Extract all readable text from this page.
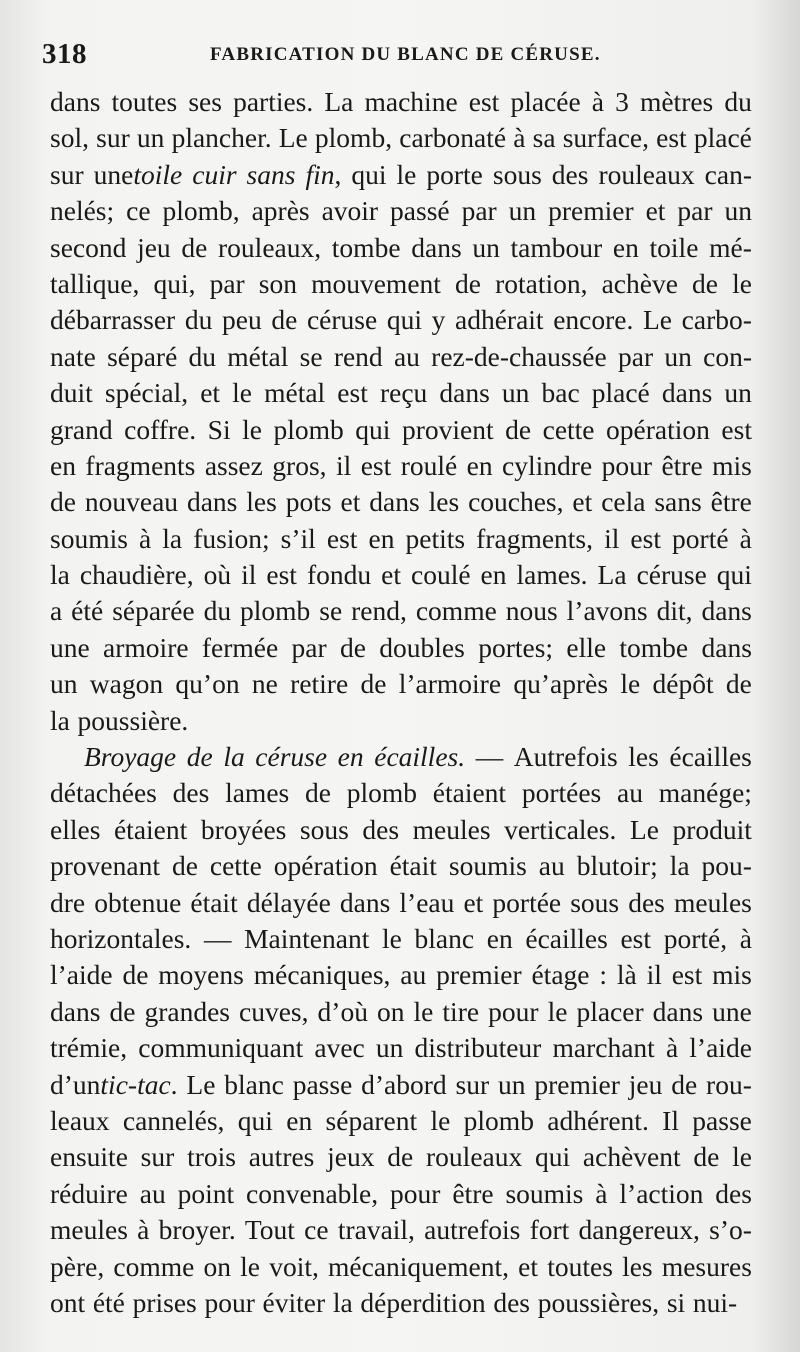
318	FABRICATION DU BLANC DE CÉRUSE.
dans toutes ses parties. La machine est placée à 3 mètres du
sol, sur un plancher. Le plomb, carbonaté à sa surface, est placé
sur unetoile cuir sans fin, qui le porte sous des rouleaux can-
nelés; ce plomb, après avoir passé par un premier et par un
second jeu de rouleaux, tombe dans un tambour en toile mé-
tallique, qui, par son mouvement de rotation, achève de le
débarrasser du peu de céruse qui y adhérait encore. Le carbo-
nate séparé du métal se rend au rez-de-chaussée par un con-
duit spécial, et le métal est reçu dans un bac placé dans un
grand coffre. Si le plomb qui provient de cette opération est
en fragments assez gros, il est roulé en cylindre pour être mis
de nouveau dans les pots et dans les couches, et cela sans être
soumis à la fusion; s’il est en petits fragments, il est porté à
la chaudière, où il est fondu et coulé en lames. La céruse qui
a été séparée du plomb se rend, comme nous l’avons dit, dans
une armoire fermée par de doubles portes; elle tombe dans
un wagon qu’on ne retire de l’armoire qu’après le dépôt de
la poussière.
Broyage de la céruse en écailles. — Autrefois les écailles
détachées des lames de plomb étaient portées au manége;
elles étaient broyées sous des meules verticales. Le produit
provenant de cette opération était soumis au blutoir; la pou-
dre obtenue était délayée dans l’eau et portée sous des meules
horizontales. — Maintenant le blanc en écailles est porté, à
l’aide de moyens mécaniques, au premier étage : là il est mis
dans de grandes cuves, d’où on le tire pour le placer dans une
trémie, communiquant avec un distributeur marchant à l’aide
d’untic-tac. Le blanc passe d’abord sur un premier jeu de rou-
leaux cannelés, qui en séparent le plomb adhérent. Il passe
ensuite sur trois autres jeux de rouleaux qui achèvent de le
réduire au point convenable, pour être soumis à l’action des
meules à broyer. Tout ce travail, autrefois fort dangereux, s’o-
père, comme on le voit, mécaniquement, et toutes les mesures
ont été prises pour éviter la déperdition des poussières, si nui-
